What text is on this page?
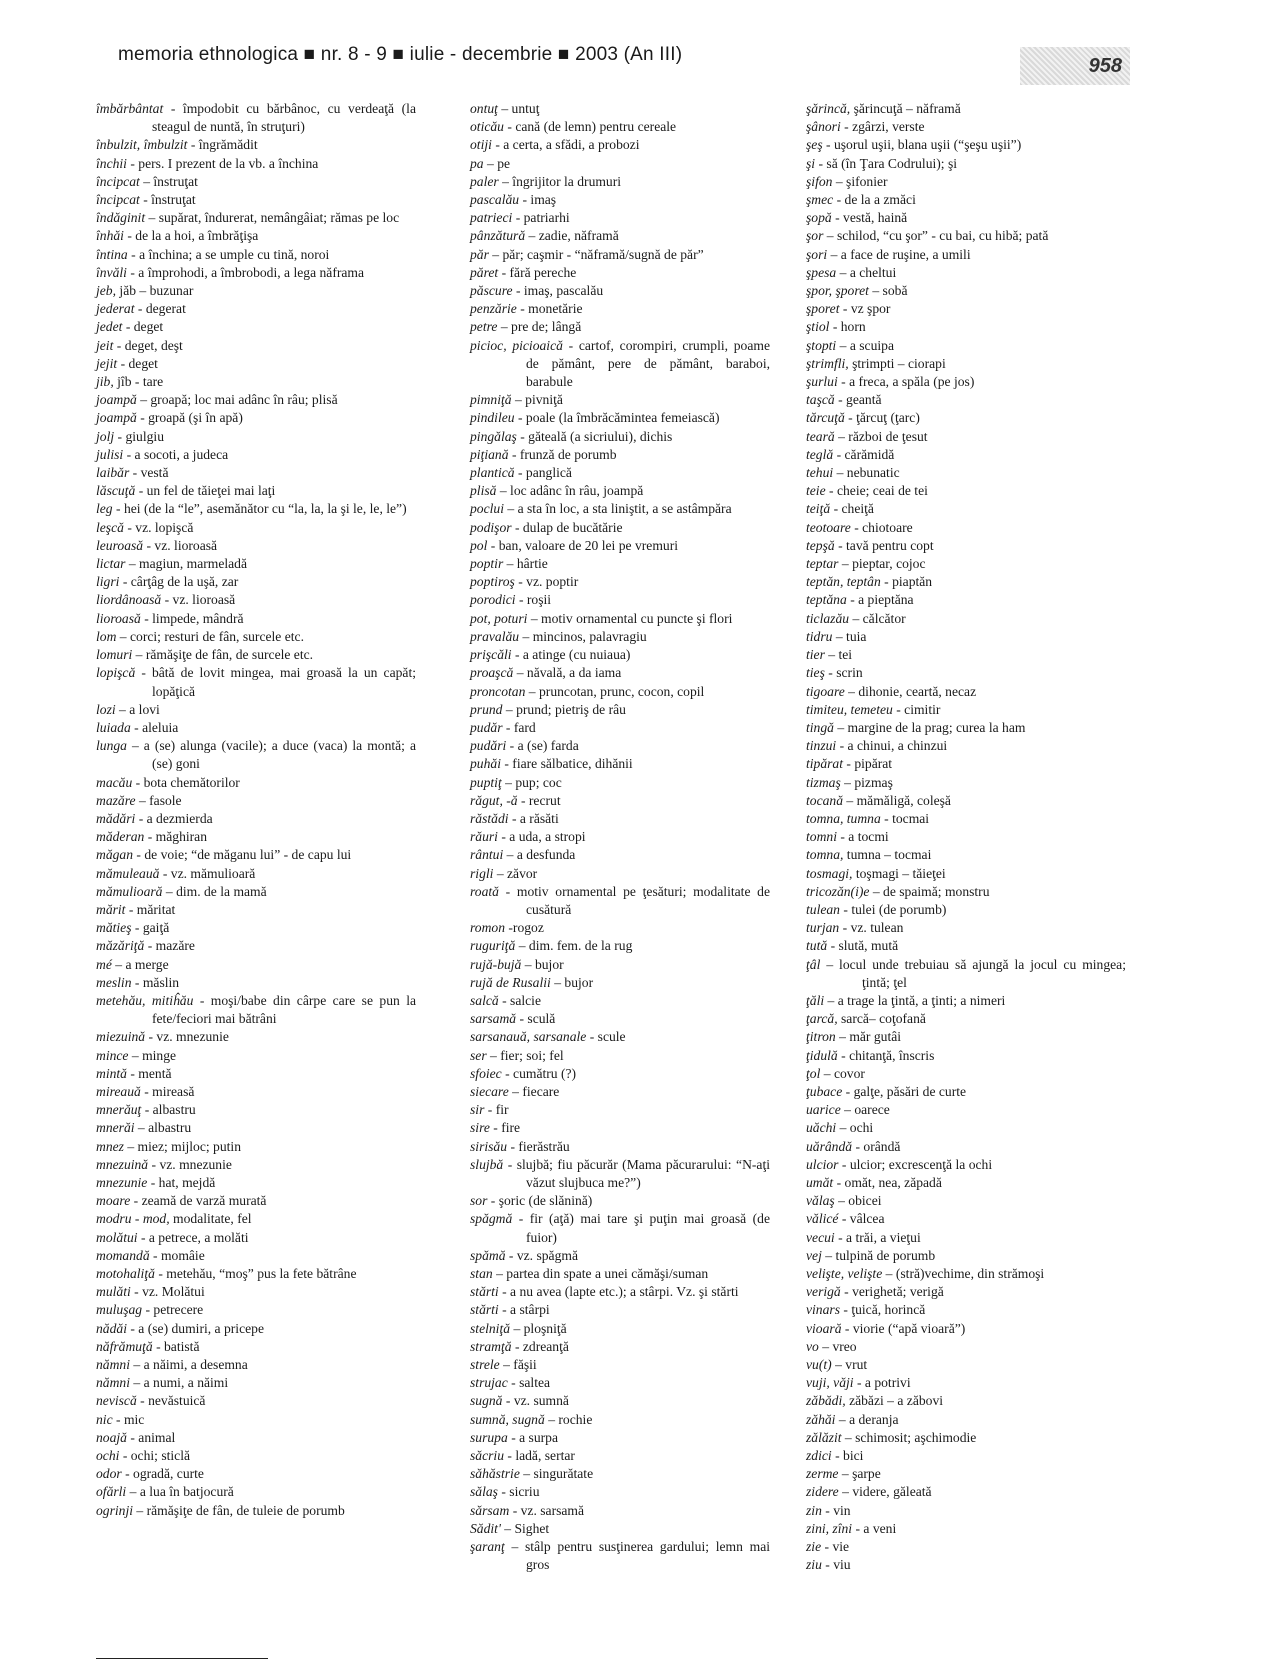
memoria ethnologica ■ nr. 8 - 9 ■ iulie - decembrie ■ 2003 (An III)
958
îmbărbântat - împodobit cu bărbânoc, cu verdeaţă (la steagul de nuntă, în struţuri)
înbulzit, îmbulzit - îngrămădit
închii - pers. I prezent de la vb. a închina
încipcat – înstruţat
încipcat - înstruţat
îndăginit – supărat, îndurerat, nemângâiat; rămas pe loc
înhăi - de la a hoi, a îmbrăţişa
întina - a închina; a se umple cu tină, noroi
învăli - a împrohodi, a îmbrobodi, a lega năframa
jeb, jăb – buzunar
jederat - degerat
jedet - deget
jeit - deget, deşt
jejit - deget
jib, jîb - tare
joampă – groapă; loc mai adânc în râu; plisă
joampă - groapă (şi în apă)
jolj - giulgiu
julisi - a socoti, a judeca
laibăr - vestă
lăscuţă - un fel de tăieţei mai laţi
leg - hei (de la “le”, asemănător cu “la, la, la şi le, le, le”)
leşcă - vz. lopişcă
leuroasă - vz. lioroasă
lictar – magiun, marmeladă
ligri - cârţâg de la uşă, zar
liordânoasă - vz. lioroasă
lioroasă - limpede, mândră
lom – corci; resturi de fân, surcele etc.
lomuri – rămăşiţe de fân, de surcele etc.
lopişcă - bâtă de lovit mingea, mai groasă la un capăt; lopăţică
lozi – a lovi
luiada - aleluia
lunga – a (se) alunga (vacile); a duce (vaca) la montă; a (se) goni
macău - bota chemătorilor
mazăre – fasole
mădări - a dezmierda
măderan - măghiran
măgan - de voie; “de măganu lui” - de capu lui
mămuleauă - vz. mămulioară
mămulioară – dim. de la mamă
mărit - măritat
mătieş - gaiţă
măzăriţă - mazăre
mé – a merge
meslin - măslin
metehău, mitiĥău - moşi/babe din cârpe care se pun la fete/feciori mai bătrâni
miezuină - vz. mnezunie
mince – minge
mintă - mentă
mireauă - mireasă
mnerăuţ - albastru
mnerăi – albastru
mnez – miez; mijloc; putin
mnezuină - vz. mnezunie
mnezunie - hat, mejdă
moare - zeamă de varză murată
modru - mod, modalitate, fel
molătui - a petrece, a molăti
momandă - momâie
motohaliţă - metehău, “moş” pus la fete bătrâne
mulăti - vz. Molătui
muluşag - petrecere
nădăi - a (se) dumiri, a pricepe
năfrămuţă - batistă
nămni – a năimi, a desemna
nămni – a numi, a năimi
neviscă - nevăstuică
nic - mic
noajă - animal
ochi - ochi; sticlă
odor - ogradă, curte
ofărli – a lua în batjocură
ogrinji – rămăşiţe de fân, de tuleie de porumb
ontuţ – untuţ
oticău - cană (de lemn) pentru cereale
otiji - a certa, a sfădi, a probozi
pa – pe
paler – îngrijitor la drumuri
pascalău - imaş
patrieci - patriarhi
pânzătură – zadie, năframă
păr – păr; caşmir - “năframă/sugnă de păr”
păret - fără pereche
păscure - imaş, pascalău
penzărie - monetărie
petre – pre de; lângă
picioc, picioaică - cartof, corompiri, crumpli, poame de pământ, pere de pământ, baraboi, barabule
pimniţă – pivniţă
pindileu - poale (la îmbrăcămintea femeiască)
pingălaş - găteală (a sicriului), dichis
piţiană - frunză de porumb
plantică - panglică
plisă – loc adânc în râu, joampă
poclui – a sta în loc, a sta liniştit, a se astâmpăra
podişor - dulap de bucătărie
pol - ban, valoare de 20 lei pe vremuri
poptir – hârtie
poptiroş - vz. poptir
porodici - roşii
pot, poturi – motiv ornamental cu puncte şi flori
pravalău – mincinos, palavragiu
prişcăli - a atinge (cu nuiaua)
proaşcă – năvală, a da iama
proncotan – pruncotan, prunc, cocon, copil
prund – prund; pietriş de râu
pudăr - fard
pudări - a (se) farda
puhăi - fiare sălbatice, dihănii
puptiţ – pup; coc
răgut, -ă - recrut
răstădi - a răsăti
răuri - a uda, a stropi
rântui – a desfunda
rigli – zăvor
roată - motiv ornamental pe ţesături; modalitate de cusătură
romon -rogoz
ruguriţă – dim. fem. de la rug
rujă-bujă – bujor
rujă de Rusalii – bujor
salcă - salcie
sarsamă - sculă
sarsanauă, sarsanale - scule
ser – fier; soi; fel
sfoiec - cumătru (?)
siecare – fiecare
sir - fir
sire - fire
sirisău - fierăstrău
slujbă - slujbă; fiu păcurăr (Mama păcurarului: “N-aţi văzut slujbuca me?”)
sor - şoric (de slănină)
spăgmă - fir (aţă) mai tare şi puţin mai groasă (de fuior)
spămă - vz. spăgmă
stan – partea din spate a unei cămăşi/suman
stărti - a nu avea (lapte etc.); a stârpi. Vz. şi stărti
stărti - a stârpi
stelniţă – ploşniţă
stramţă - zdreanţă
strele – făşii
strujac - saltea
sugnă - vz. sumnă
sumnă, sugnă – rochie
surupa - a surpa
săcriu - ladă, sertar
săhăstrie – singurătate
sălaş - sicriu
sărsam - vz. sarsamă
Sădit' – Sighet
şaranţ – stâlp pentru susţinerea gardului; lemn mai gros
şărincă, şărincuţă – năframă
şânori - zgârzi, verste
şeş - uşorul uşii, blana uşii (“şeşu uşii”)
şi - să (în Ţara Codrului); şi
şifon – şifonier
şmec - de la a zmăci
şopă - vestă, haină
şor – schilod, “cu şor” - cu bai, cu hibă; pată
şori – a face de ruşine, a umili
şpesa – a cheltui
şpor, şporet – sobă
şporet - vz şpor
ştiol - horn
ştopti – a scuipa
ştrimfli, ştrimpti – ciorapi
şurlui - a freca, a spăla (pe jos)
taşcă - geantă
tărcuţă - ţărcuţ (ţarc)
teară – război de ţesut
teglă - cărămidă
tehui – nebunatic
teie - cheie; ceai de tei
teiţă - cheiţă
teotoare - chiotoare
tepşă - tavă pentru copt
teptar – pieptar, cojoc
teptăn, teptân - piaptăn
teptăna - a pieptăna
ticlazău – călcător
tidru – tuia
tier – tei
tieş - scrin
tigoare – dihonie, ceartă, necaz
timiteu, temeteu - cimitir
tingă – margine de la prag; curea la ham
tinzui - a chinui, a chinzui
tipărat - pipărat
tizmaş – pizmaş
tocană – mămăligă, coleşă
tomna, tumna - tocmai
tomni - a tocmi
tomna, tumna – tocmai
tosmagi, toşmagi – tăieţei
tricozăn(i)e – de spaimă; monstru
tulean - tulei (de porumb)
turjan - vz. tulean
tută - slută, mută
ţâl – locul unde trebuiau să ajungă la jocul cu mingea; ţintă; ţel
ţăli – a trage la ţintă, a ţinti; a nimeri
ţarcă, sarcă– coţofană
ţitron – măr gutâi
ţidulă - chitanţă, înscris
ţol – covor
ţubace - galţe, păsări de curte
uarice – oarece
uăchi – ochi
uărândă - orândă
ulcior - ulcior; excrescenţă la ochi
umăt - omăt, nea, zăpadă
vălaş – obicei
vălicé - vâlcea
vecui - a trăi, a vieţui
vej – tulpină de porumb
velişte, velişte – (stră)vechime, din strămoşi
verigă - verighetă; verigă
vinars - ţuică, horincă
vioară - viorie (“apă vioară”)
vo – vreo
vu(t) – vrut
vuji, văji - a potrivi
zăbădi, zăbăzi – a zăbovi
zăhăi – a deranja
zălăzit – schimosit; aşchimodie
zdici - bici
zerme – şarpe
zidere – videre, găleată
zin - vin
zini, zîni - a veni
zie - vie
ziu - viu
